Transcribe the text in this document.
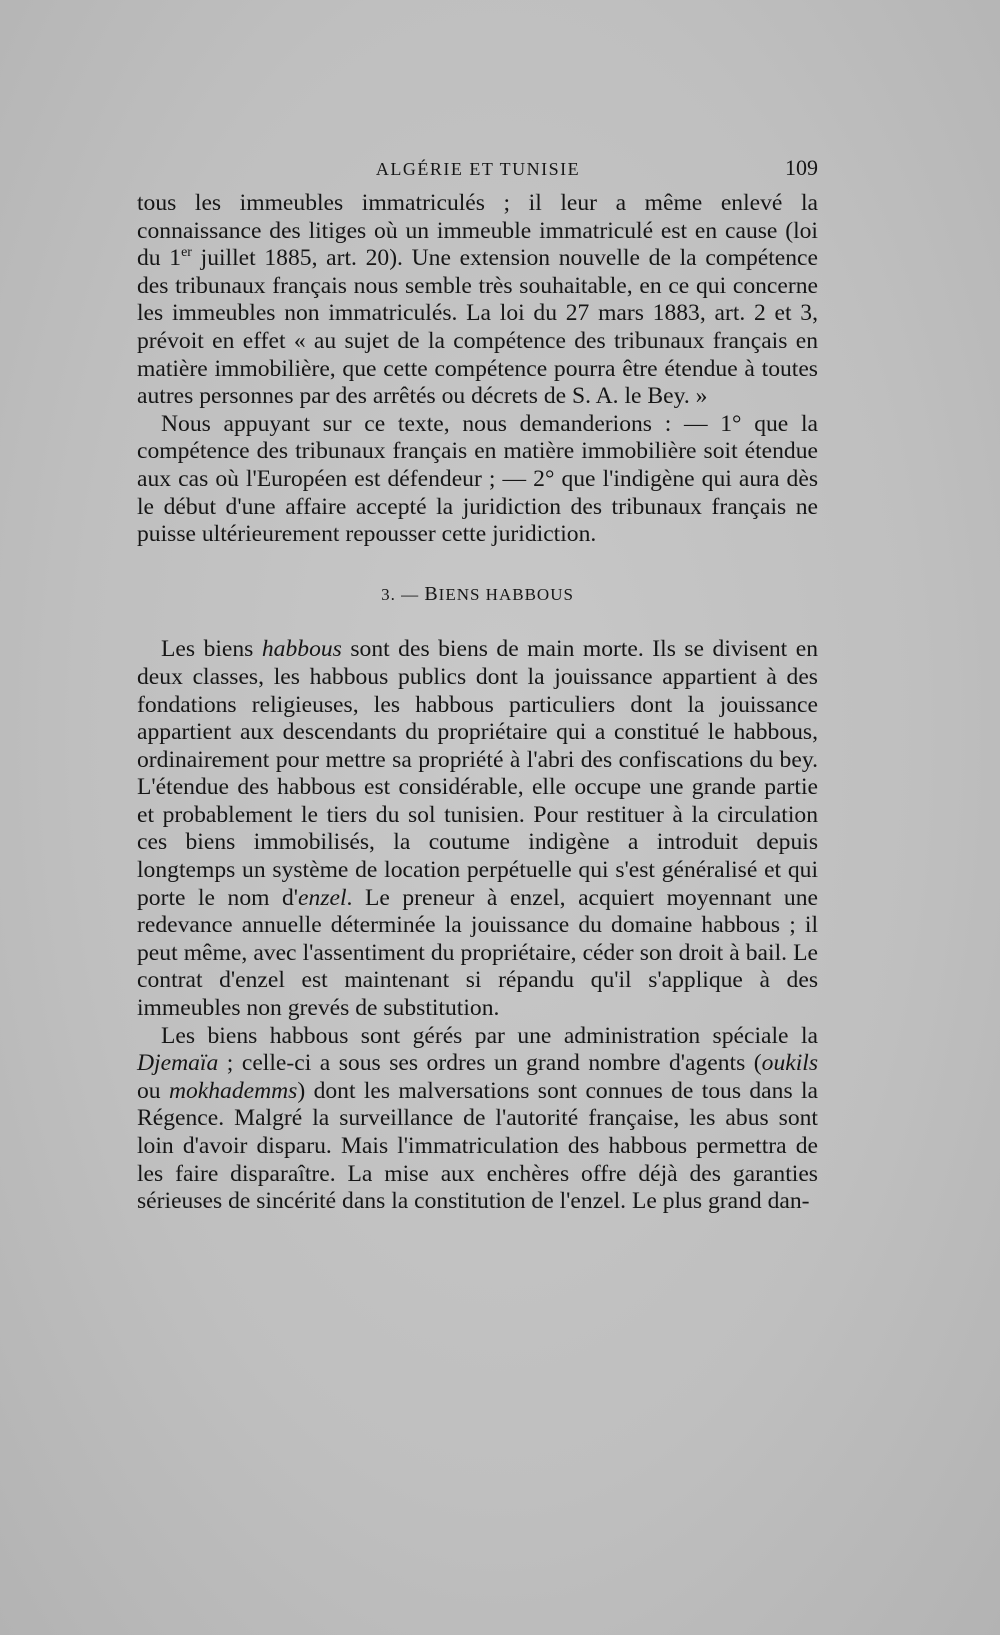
ALGÉRIE ET TUNISIE	109

tous les immeubles immatriculés ; il leur a même enlevé la connaissance des litiges où un immeuble immatriculé est en cause (loi du 1er juillet 1885, art. 20). Une extension nouvelle de la compétence des tribunaux français nous semble très souhaitable, en ce qui concerne les immeubles non immatriculés. La loi du 27 mars 1883, art. 2 et 3, prévoit en effet « au sujet de la compétence des tribunaux français en matière immobilière, que cette compétence pourra être étendue à toutes autres personnes par des arrêtés ou décrets de S. A. le Bey. »

Nous appuyant sur ce texte, nous demanderions : — 1° que la compétence des tribunaux français en matière immobilière soit étendue aux cas où l'Européen est défendeur ; — 2° que l'indigène qui aura dès le début d'une affaire accepté la juridiction des tribunaux français ne puisse ultérieurement repousser cette juridiction.

3. — BIENS HABBOUS

Les biens habbous sont des biens de main morte. Ils se divisent en deux classes, les habbous publics dont la jouissance appartient à des fondations religieuses, les habbous particuliers dont la jouissance appartient aux descendants du propriétaire qui a constitué le habbous, ordinairement pour mettre sa propriété à l'abri des confiscations du bey. L'étendue des habbous est considérable, elle occupe une grande partie et probablement le tiers du sol tunisien. Pour restituer à la circulation ces biens immobilisés, la coutume indigène a introduit depuis longtemps un système de location perpétuelle qui s'est généralisé et qui porte le nom d'enzel. Le preneur à enzel, acquiert moyennant une redevance annuelle déterminée la jouissance du domaine habbous ; il peut même, avec l'assentiment du propriétaire, céder son droit à bail. Le contrat d'enzel est maintenant si répandu qu'il s'applique à des immeubles non grevés de substitution.

Les biens habbous sont gérés par une administration spéciale la Djemaïa ; celle-ci a sous ses ordres un grand nombre d'agents (oukils ou mokhademms) dont les malversations sont connues de tous dans la Régence. Malgré la surveillance de l'autorité française, les abus sont loin d'avoir disparu. Mais l'immatriculation des habbous permettra de les faire disparaître. La mise aux enchères offre déjà des garanties sérieuses de sincérité dans la constitution de l'enzel. Le plus grand dan-
